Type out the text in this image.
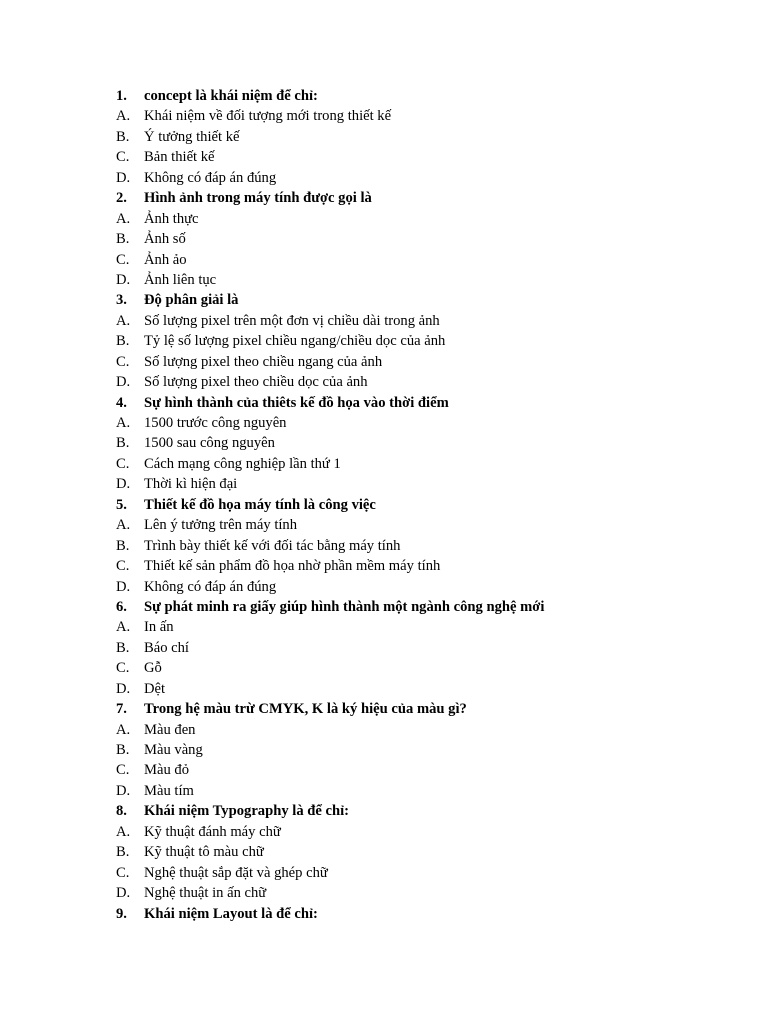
1.	concept là khái niệm để chỉ:
A. Khái niệm về đối tượng mới trong thiết kế
B.	Ý tưởng thiết kế
C.	Bản thiết kế
D. Không có đáp án đúng
2.	Hình ảnh trong máy tính được gọi là
A. Ảnh thực
B.	Ảnh số
C.	Ảnh ảo
D. Ảnh liên tục
3.	Độ phân giải là
A. Số lượng pixel trên một đơn vị chiều dài trong ảnh
B.	Tỷ lệ số lượng pixel chiều ngang/chiều dọc của ảnh
C.	Số lượng pixel theo chiều ngang của ảnh
D. Số lượng pixel theo chiều dọc của ảnh
4.	Sự hình thành của thiêts kế đồ họa vào thời điểm
A. 1500 trước công nguyên
B.	1500 sau công nguyên
C.	Cách mạng công nghiệp lần thứ 1
D. Thời kì hiện đại
5.	Thiết kế đồ họa máy tính là công việc
A. Lên ý tưởng trên máy tính
B.	Trình bày thiết kế với đối tác bằng máy tính
C.	Thiết kế sản phẩm đồ họa nhờ phần mềm máy tính
D. Không có đáp án đúng
6.	Sự phát minh ra giấy giúp hình thành một ngành công nghệ mới
A. In ấn
B.	Báo chí
C.	Gỗ
D. Dệt
7.	Trong hệ màu trừ CMYK, K là ký hiệu của màu gì?
A. Màu đen
B.	Màu vàng
C.	Màu đỏ
D. Màu tím
8.	Khái niệm Typography là để chỉ:
A. Kỹ thuật đánh máy chữ
B.	Kỹ thuật tô màu chữ
C.	Nghệ thuật sắp đặt và ghép chữ
D. Nghệ thuật in ấn chữ
9.	Khái niệm Layout là để chỉ:
